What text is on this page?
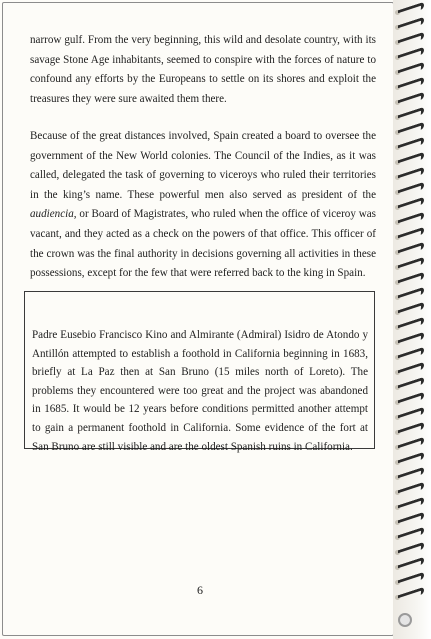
narrow gulf. From the very beginning, this wild and desolate country, with its savage Stone Age inhabitants, seemed to conspire with the forces of nature to confound any efforts by the Europeans to settle on its shores and exploit the treasures they were sure awaited them there.

Because of the great distances involved, Spain created a board to oversee the government of the New World colonies. The Council of the Indies, as it was called, delegated the task of governing to viceroys who ruled their territories in the king’s name. These powerful men also served as president of the audiencia, or Board of Magistrates, who ruled when the office of viceroy was vacant, and they acted as a check on the powers of that office. This officer of the crown was the final authority in decisions governing all activities in these possessions, except for the few that were referred back to the king in Spain.

Padre Eusebio Francisco Kino and Almirante (Admiral) Isidro de Atondo y Antillón attempted to establish a foothold in California beginning in 1683, briefly at La Paz then at San Bruno (15 miles north of Loreto). The problems they encountered were too great and the project was abandoned in 1685. It would be 12 years before conditions permitted another attempt to gain a permanent foothold in California. Some evidence of the fort at San Bruno are still visible and are the oldest Spanish ruins in California.

6
